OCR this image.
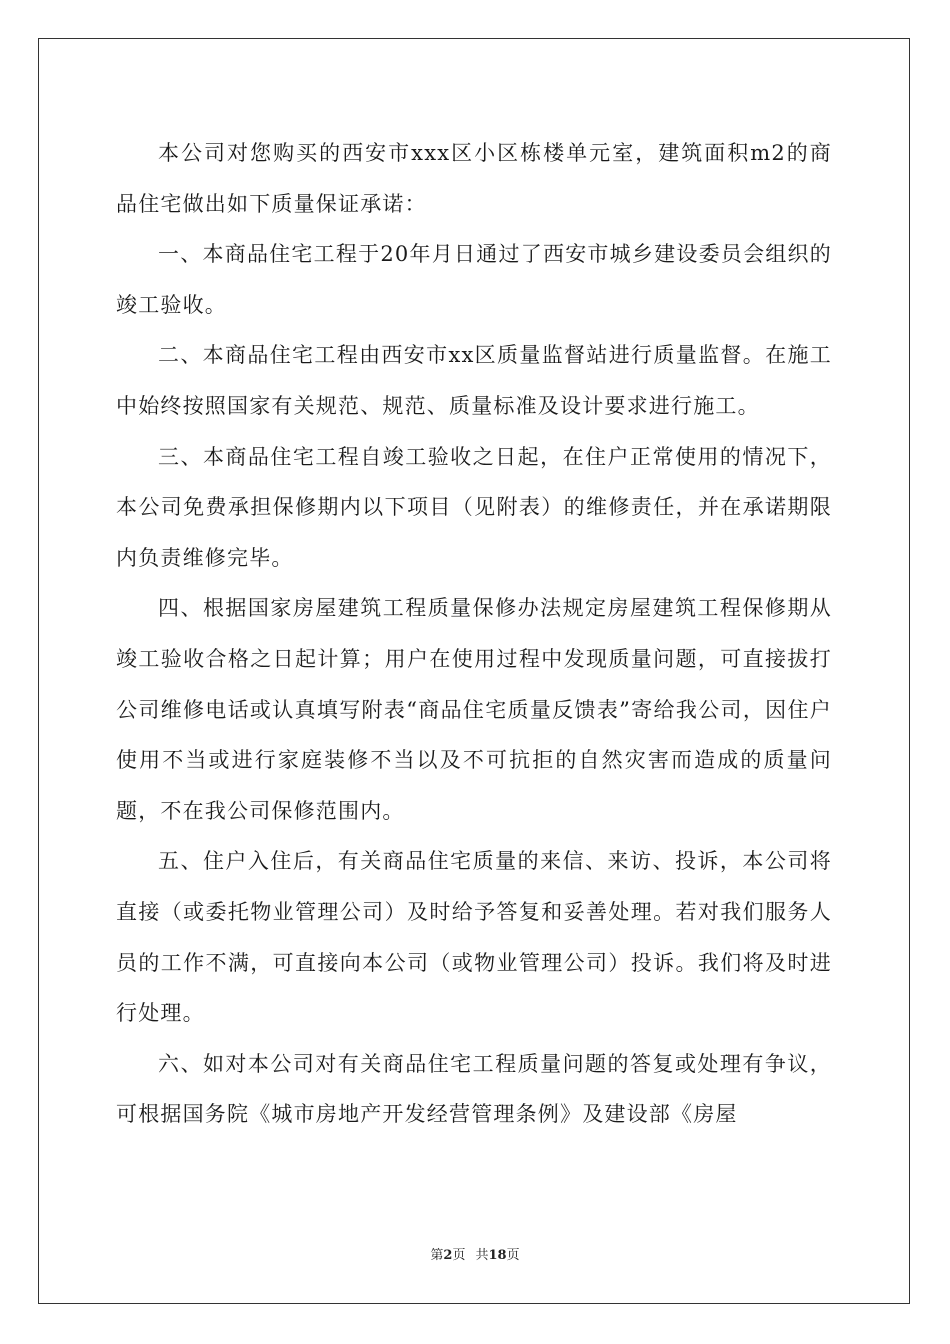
本公司对您购买的西安市xxx区小区栋楼单元室，建筑面积m2的商品住宅做出如下质量保证承诺：

一、本商品住宅工程于20年月日通过了西安市城乡建设委员会组织的竣工验收。

二、本商品住宅工程由西安市xx区质量监督站进行质量监督。在施工中始终按照国家有关规范、规范、质量标准及设计要求进行施工。

三、本商品住宅工程自竣工验收之日起，在住户正常使用的情况下，本公司免费承担保修期内以下项目（见附表）的维修责任，并在承诺期限内负责维修完毕。

四、根据国家房屋建筑工程质量保修办法规定房屋建筑工程保修期从竣工验收合格之日起计算；用户在使用过程中发现质量问题，可直接拔打公司维修电话或认真填写附表“商品住宅质量反馈表”寄给我公司，因住户使用不当或进行家庭装修不当以及不可抗拒的自然灾害而造成的质量问题，不在我公司保修范围内。

五、住户入住后，有关商品住宅质量的来信、来访、投诉，本公司将直接（或委托物业管理公司）及时给予答复和妥善处理。若对我们服务人员的工作不满，可直接向本公司（或物业管理公司）投诉。我们将及时进行处理。

六、如对本公司对有关商品住宅工程质量问题的答复或处理有争议，可根据国务院《城市房地产开发经营管理条例》及建设部《房屋

第2页 共18页
